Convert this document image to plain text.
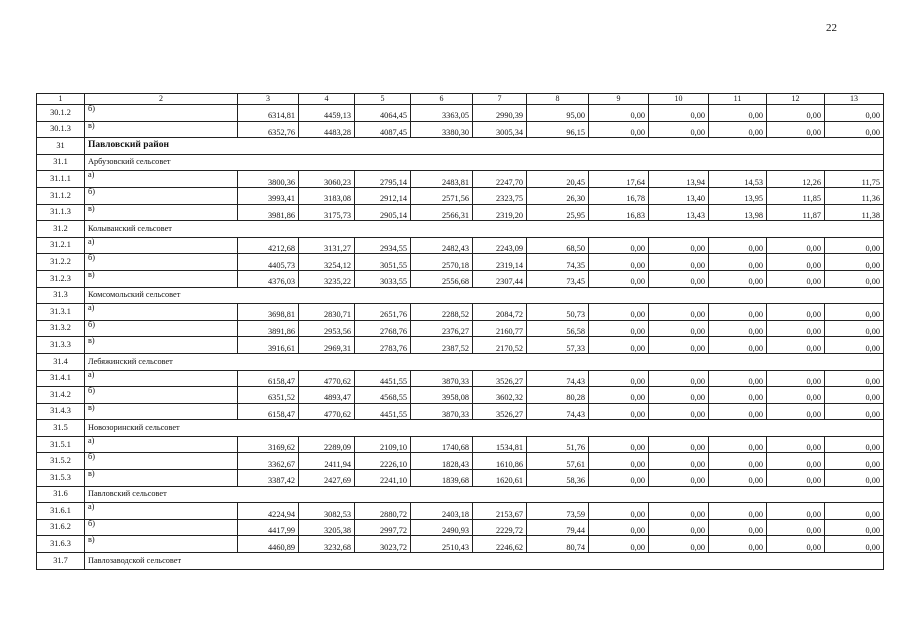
22
1	2	3	4	5	6	7	8	9	10	11	12	13
30.1.2	б)	6314,81	4459,13	4064,45	3363,05	2990,39	95,00	0,00	0,00	0,00	0,00	0,00
30.1.3	в)	6352,76	4483,28	4087,45	3380,30	3005,34	96,15	0,00	0,00	0,00	0,00	0,00
31	Павловский район											
31.1	Арбузовский сельсовет											
31.1.1	а)	3800,36	3060,23	2795,14	2483,81	2247,70	20,45	17,64	13,94	14,53	12,26	11,75
31.1.2	б)	3993,41	3183,08	2912,14	2571,56	2323,75	26,30	16,78	13,40	13,95	11,85	11,36
31.1.3	в)	3981,86	3175,73	2905,14	2566,31	2319,20	25,95	16,83	13,43	13,98	11,87	11,38
31.2	Колыванский сельсовет											
31.2.1	а)	4212,68	3131,27	2934,55	2482,43	2243,09	68,50	0,00	0,00	0,00	0,00	0,00
31.2.2	б)	4405,73	3254,12	3051,55	2570,18	2319,14	74,35	0,00	0,00	0,00	0,00	0,00
31.2.3	в)	4376,03	3235,22	3033,55	2556,68	2307,44	73,45	0,00	0,00	0,00	0,00	0,00
31.3	Комсомольский сельсовет											
31.3.1	а)	3698,81	2830,71	2651,76	2288,52	2084,72	50,73	0,00	0,00	0,00	0,00	0,00
31.3.2	б)	3891,86	2953,56	2768,76	2376,27	2160,77	56,58	0,00	0,00	0,00	0,00	0,00
31.3.3	в)	3916,61	2969,31	2783,76	2387,52	2170,52	57,33	0,00	0,00	0,00	0,00	0,00
31.4	Лебяжинский сельсовет											
31.4.1	а)	6158,47	4770,62	4451,55	3870,33	3526,27	74,43	0,00	0,00	0,00	0,00	0,00
31.4.2	б)	6351,52	4893,47	4568,55	3958,08	3602,32	80,28	0,00	0,00	0,00	0,00	0,00
31.4.3	в)	6158,47	4770,62	4451,55	3870,33	3526,27	74,43	0,00	0,00	0,00	0,00	0,00
31.5	Новозоринский сельсовет											
31.5.1	а)	3169,62	2289,09	2109,10	1740,68	1534,81	51,76	0,00	0,00	0,00	0,00	0,00
31.5.2	б)	3362,67	2411,94	2226,10	1828,43	1610,86	57,61	0,00	0,00	0,00	0,00	0,00
31.5.3	в)	3387,42	2427,69	2241,10	1839,68	1620,61	58,36	0,00	0,00	0,00	0,00	0,00
31.6	Павловский сельсовет											
31.6.1	а)	4224,94	3082,53	2880,72	2403,18	2153,67	73,59	0,00	0,00	0,00	0,00	0,00
31.6.2	б)	4417,99	3205,38	2997,72	2490,93	2229,72	79,44	0,00	0,00	0,00	0,00	0,00
31.6.3	в)	4460,89	3232,68	3023,72	2510,43	2246,62	80,74	0,00	0,00	0,00	0,00	0,00
31.7	Павлозаводской сельсовет											
